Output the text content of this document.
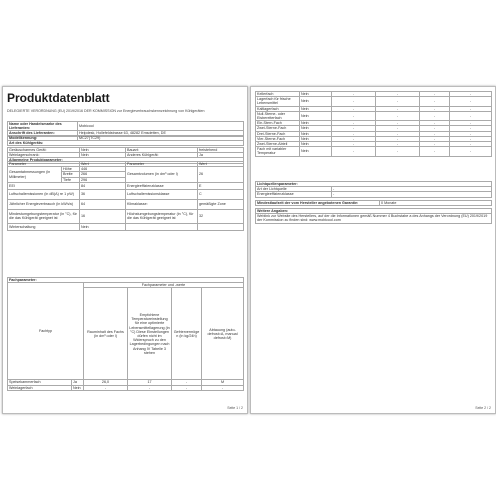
Produktdatenblatt
DELEGIERTE VERORDNUNG (EU) 2019/2016 DER KOMMISSION zur Energieverbrauchskennzeichnung von Kühlgeräten
Name oder Handelsmarke des Lieferanten:	Mobicool
Anschrift des Lieferanten:	Helpdesk, Hollefeldstrasse 63, 48282 Emsdetten, DE
Modellkennung:	MC27(TC29)
Art des Kühlgeräts:
Geräuscharmes Gerät:	Nein	Bauart:	freistehend
Weinlagerschrank:	Nein	Anderes Kühlgerät:	Ja
Allgemeine Produktparameter:			
Parameter		Wert	Parameter	Wert
Gesamtabmessungen (in Millimeter)	Höhe	446	Gesamtvolumen (in dm³ oder l)	26
	Breite	266		
	Tiefe	296		
EEI		84	Energieeffizienzklasse	E
Luftschallemissionen (in dB(A) re 1 pW)		36	Luftschallemissionsklasse	C
Jährlicher Energieverbrauch (in kWh/a)		64	Klimaklasse:	gemäßigte Zone
Mindestumgebungstemperatur (in °C), für die das Kühlgerät geeignet ist		16	Höchstumgebungstemperatur (in °C), für die das Kühlgerät geeignet ist	32
Winterschaltung		Nein		
Fachparameter:					
Fachtyp		Fachparameter und -werte			
		Rauminhalt des Fachs (in dm³ oder l)	Empfohlene Temperatureinstellung für eine optimierte Lebensmittellagerung (in °C) Diese Einstellungen dürfen nicht im Widerspruch zu den Lagerbedingungen nach Anhang IV Tabelle 3 stehen	Gefriervermögen (in kg/24h)	Abtauung (auto-defrost=A, manual defrost=M)
Speisekammerfach	Ja	26,0	17	-	M
Weinlagerfach	Nein	-	-	-	-
Seite 1 / 2
Kellerfach	Nein	-	-	-	-
Lagerfach für frische Lebensmittel	Nein	-	-	-	-
Kaltlagerfach	Nein	-	-	-	-
Null-Sterne- oder Eisbereiterfach	Nein	-	-	-	-
Ein-Stern-Fach	Nein	-	-	-	-
Zwei-Sterne-Fach	Nein	-	-	-	-
Drei-Sterne-Fach	Nein	-	-	-	-
Vier-Sterne-Fach	Nein	-	-	-	-
Zwei-Sterne-Abteil	Nein	-	-	-	-
Fach mit variabler Temperatur	Nein	-	-	-	-
Lichtquellenparameter:	
Art der Lichtquelle	-
Energieeffizienzklasse	-
Mindestlaufzeit der vom Hersteller angebotenen Garantie:	0 Monate
Weitere Angaben:
Weblink zur Website des Herstellers, auf der die Informationen gemäß Nummer 4 Buchstabe a des Anhangs der Verordnung (EU) 2019/2019 der Kommission zu finden sind: www.mobicool.com
Seite 2 / 2
